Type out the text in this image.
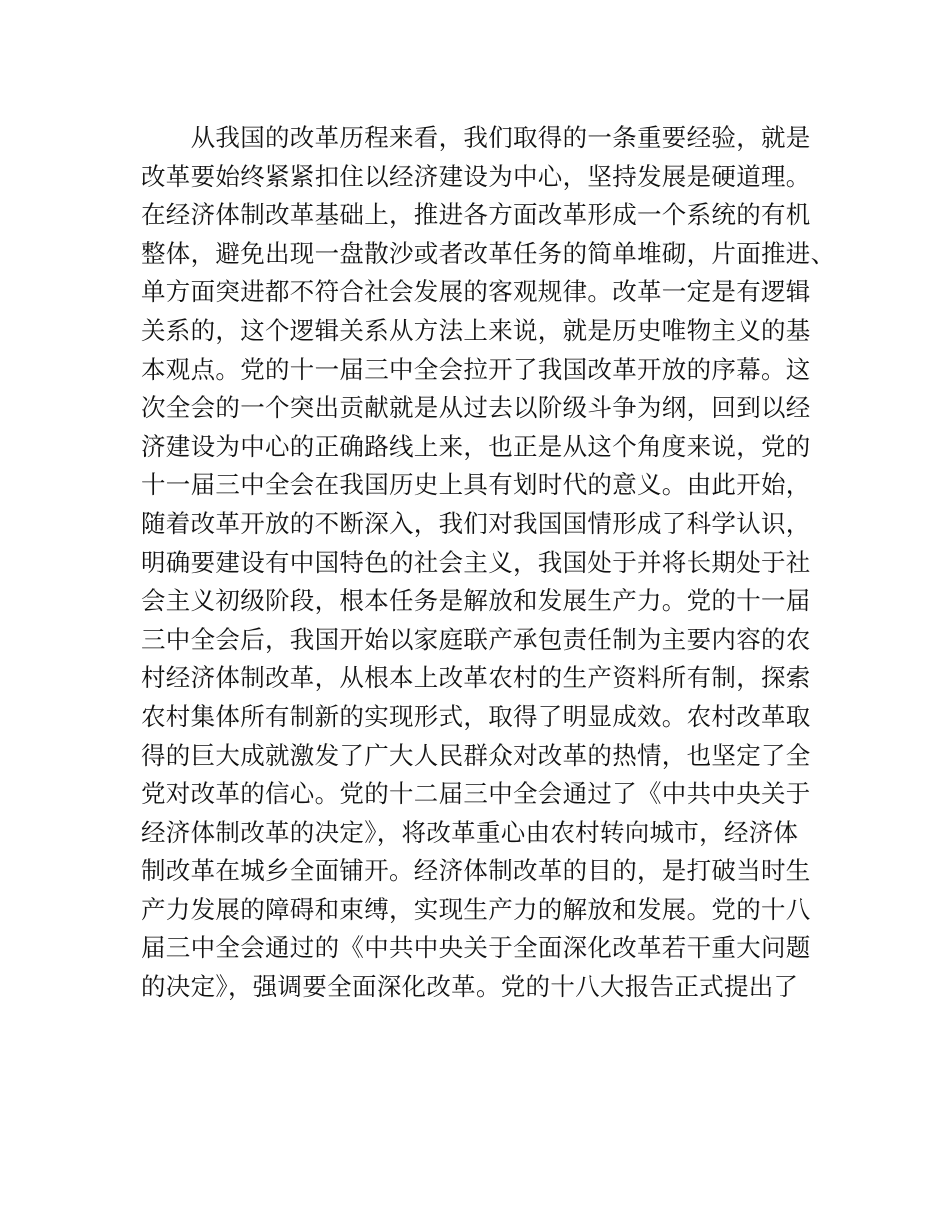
　　从我国的改革历程来看，我们取得的一条重要经验，就是
改革要始终紧紧扣住以经济建设为中心，坚持发展是硬道理。
在经济体制改革基础上，推进各方面改革形成一个系统的有机
整体，避免出现一盘散沙或者改革任务的简单堆砌，片面推进、
单方面突进都不符合社会发展的客观规律。改革一定是有逻辑
关系的，这个逻辑关系从方法上来说，就是历史唯物主义的基
本观点。党的十一届三中全会拉开了我国改革开放的序幕。这
次全会的一个突出贡献就是从过去以阶级斗争为纲，回到以经
济建设为中心的正确路线上来，也正是从这个角度来说，党的
十一届三中全会在我国历史上具有划时代的意义。由此开始，
随着改革开放的不断深入，我们对我国国情形成了科学认识，
明确要建设有中国特色的社会主义，我国处于并将长期处于社
会主义初级阶段，根本任务是解放和发展生产力。党的十一届
三中全会后，我国开始以家庭联产承包责任制为主要内容的农
村经济体制改革，从根本上改革农村的生产资料所有制，探索
农村集体所有制新的实现形式，取得了明显成效。农村改革取
得的巨大成就激发了广大人民群众对改革的热情，也坚定了全
党对改革的信心。党的十二届三中全会通过了《中共中央关于
经济体制改革的决定》，将改革重心由农村转向城市，经济体
制改革在城乡全面铺开。经济体制改革的目的，是打破当时生
产力发展的障碍和束缚，实现生产力的解放和发展。党的十八
届三中全会通过的《中共中央关于全面深化改革若干重大问题
的决定》，强调要全面深化改革。党的十八大报告正式提出了
